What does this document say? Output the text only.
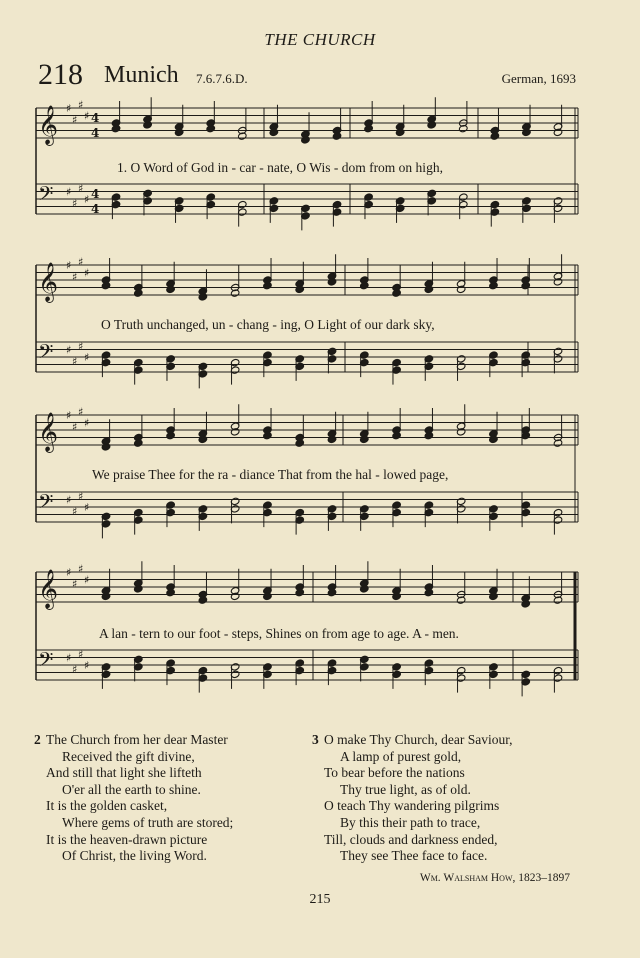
THE CHURCH
218 Munich 7.6.7.6.D.	German, 1693
♯
♯
♯
♯
𝄞	4
4
♯
♯
♯
♯
𝄢	4
4
♯
♯
♯
♯
𝄞
♯
♯
♯
♯
𝄢
♯
♯
♯
♯
𝄞
♯
♯
♯
♯
𝄢
♯
♯
♯
♯
𝄞
♯
♯
♯
♯
𝄢
1. O Word of God in - car - nate, O Wis - dom from on high,
O Truth unchanged, un - chang - ing, O Light of our dark sky,
We praise Thee for the ra - diance That from the hal - lowed page,
A lan - tern to our foot - steps, Shines on from age to age. A - men.
2 The Church from her dear Master
Received the gift divine,
And still that light she lifteth
O'er all the earth to shine.
It is the golden casket,
Where gems of truth are stored;
It is the heaven-drawn picture
Of Christ, the living Word.
3 O make Thy Church, dear Saviour,
A lamp of purest gold,
To bear before the nations
Thy true light, as of old.
O teach Thy wandering pilgrims
By this their path to trace,
Till, clouds and darkness ended,
They see Thee face to face.
Wm. Walsham How, 1823–1897
215
